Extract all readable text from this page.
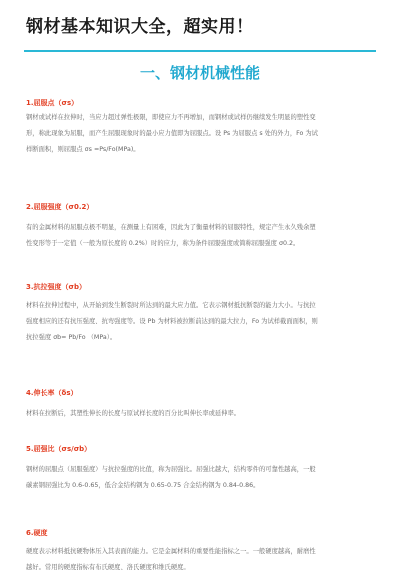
钢材基本知识大全，超实用！
一、钢材机械性能
1.屈服点（σs）
钢材或试样在拉伸时，当应力超过弹性极限，即使应力不再增加，而钢材或试样仍继续发生明显的塑性变
形，称此现象为屈服，而产生屈服现象时的最小应力值即为屈服点。设 Ps 为屈服点 s 处的外力，Fo 为试
样断面积，则屈服点 σs =Ps/Fo(MPa)。
2.屈服强度（σ0.2）
有的金属材料的屈服点极不明显，在测量上有困难，因此为了衡量材料的屈服特性，规定产生永久残余塑
性变形等于一定值（一般为原长度的 0.2%）时的应力，称为条件屈服强度或简称屈服强度 σ0.2。
3.抗拉强度（σb）
材料在拉伸过程中，从开始到发生断裂时所达到的最大应力值。它表示钢材抵抗断裂的能力大小。与抗拉
强度相应的还有抗压强度、抗弯强度等。设 Pb 为材料被拉断前达到的最大拉力，Fo 为试样截面面积，则
抗拉强度 σb= Pb/Fo （MPa）。
4.伸长率（δs）
材料在拉断后，其塑性伸长的长度与原试样长度的百分比叫伸长率或延伸率。
5.屈强比（σs/σb）
钢材的屈服点（屈服强度）与抗拉强度的比值，称为屈强比。屈强比越大，结构零件的可靠性越高，一般
碳素钢屈强比为 0.6-0.65，低合金结构钢为 0.65-0.75 合金结构钢为 0.84-0.86。
6.硬度
硬度表示材料抵抗硬物体压入其表面的能力。它是金属材料的重要性能指标之一。一般硬度越高，耐磨性
越好。常用的硬度指标有布氏硬度、洛氏硬度和维氏硬度。
